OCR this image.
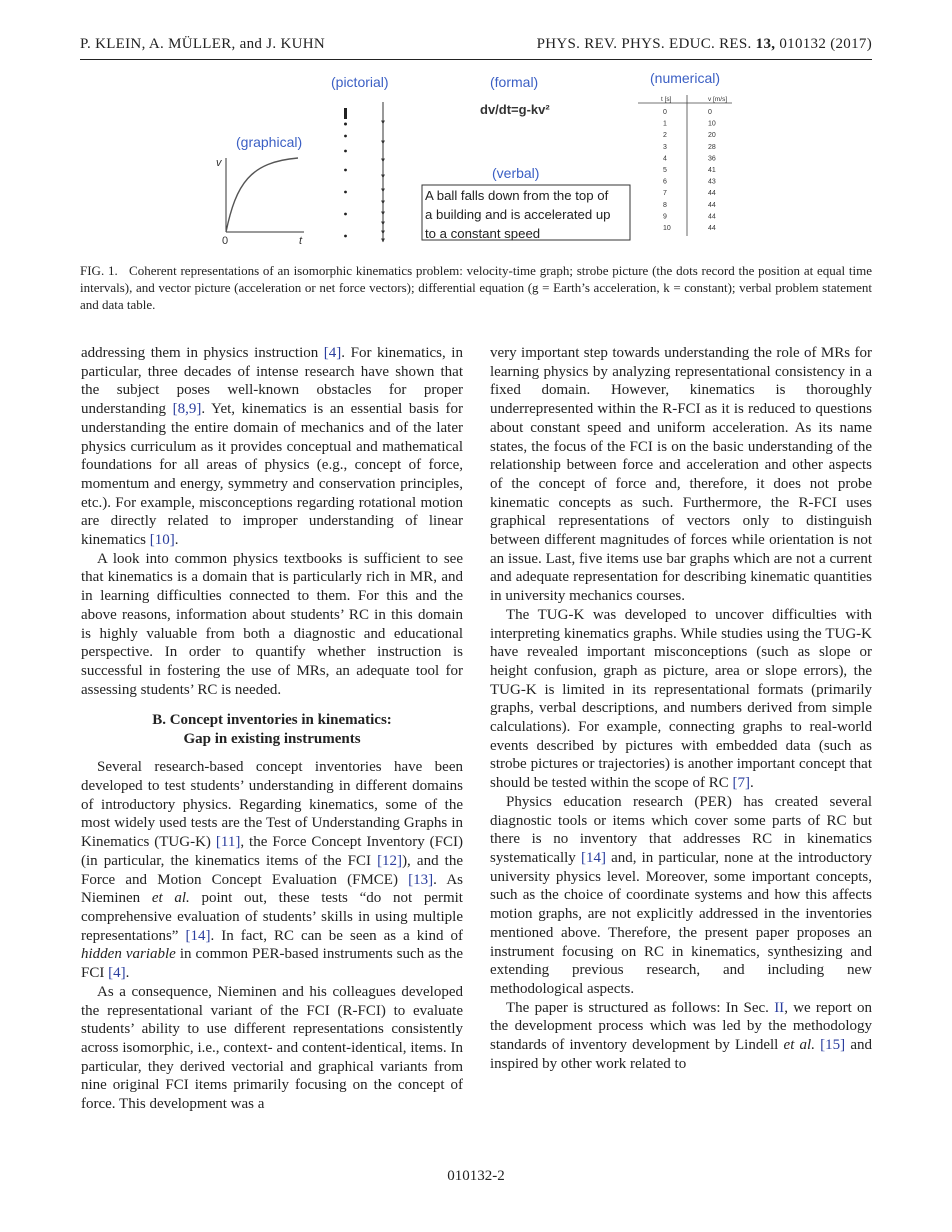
P. KLEIN, A. MÜLLER, and J. KUHN	PHYS. REV. PHYS. EDUC. RES. 13, 010132 (2017)
(pictorial)	(formal)	(numerical)
(graphical)
(verbal)
dv/dt=g-kv²
v
t
0
A ball falls down from the top of
a building and is accelerated up
to a constant speed
t [s]	v [m/s]
0	0
1	10
2	20
3	28
4	36
5	41
6	43
7	44
8	44
9	44
10	44
FIG. 1. Coherent representations of an isomorphic kinematics problem: velocity-time graph; strobe picture (the dots record the position at equal time intervals), and vector picture (acceleration or net force vectors); differential equation (g = Earth’s acceleration, k = constant); verbal problem statement and data table.

addressing them in physics instruction [4]. For kinematics, in particular, three decades of intense research have shown that the subject poses well-known obstacles for proper understanding [8,9]. Yet, kinematics is an essential basis for understanding the entire domain of mechanics and of the later physics curriculum as it provides conceptual and mathematical foundations for all areas of physics (e.g., concept of force, momentum and energy, symmetry and conservation principles, etc.). For example, misconceptions regarding rotational motion are directly related to improper understanding of linear kinematics [10].

A look into common physics textbooks is sufficient to see that kinematics is a domain that is particularly rich in MR, and in learning difficulties connected to them. For this and the above reasons, information about students’ RC in this domain is highly valuable from both a diagnostic and educational perspective. In order to quantify whether instruction is successful in fostering the use of MRs, an adequate tool for assessing students’ RC is needed.

B. Concept inventories in kinematics:
Gap in existing instruments

Several research-based concept inventories have been developed to test students’ understanding in different domains of introductory physics. Regarding kinematics, some of the most widely used tests are the Test of Understanding Graphs in Kinematics (TUG-K) [11], the Force Concept Inventory (FCI) (in particular, the kinematics items of the FCI [12]), and the Force and Motion Concept Evaluation (FMCE) [13]. As Nieminen et al. point out, these tests “do not permit comprehensive evaluation of students’ skills in using multiple representations” [14]. In fact, RC can be seen as a kind of hidden variable in common PER-based instruments such as the FCI [4].

As a consequence, Nieminen and his colleagues developed the representational variant of the FCI (R-FCI) to evaluate students’ ability to use different representations consistently across isomorphic, i.e., context- and content-identical, items. In particular, they derived vectorial and graphical variants from nine original FCI items primarily focusing on the concept of force. This development was a

very important step towards understanding the role of MRs for learning physics by analyzing representational consistency in a fixed domain. However, kinematics is thoroughly underrepresented within the R-FCI as it is reduced to questions about constant speed and uniform acceleration. As its name states, the focus of the FCI is on the basic understanding of the relationship between force and acceleration and other aspects of the concept of force and, therefore, it does not probe kinematic concepts as such. Furthermore, the R-FCI uses graphical representations of vectors only to distinguish between different magnitudes of forces while orientation is not an issue. Last, five items use bar graphs which are not a current and adequate representation for describing kinematic quantities in university mechanics courses.

The TUG-K was developed to uncover difficulties with interpreting kinematics graphs. While studies using the TUG-K have revealed important misconceptions (such as slope or height confusion, graph as picture, area or slope errors), the TUG-K is limited in its representational formats (primarily graphs, verbal descriptions, and numbers derived from simple calculations). For example, connecting graphs to real-world events described by pictures with embedded data (such as strobe pictures or trajectories) is another important concept that should be tested within the scope of RC [7].

Physics education research (PER) has created several diagnostic tools or items which cover some parts of RC but there is no inventory that addresses RC in kinematics systematically [14] and, in particular, none at the introductory university physics level. Moreover, some important concepts, such as the choice of coordinate systems and how this affects motion graphs, are not explicitly addressed in the inventories mentioned above. Therefore, the present paper proposes an instrument focusing on RC in kinematics, synthesizing and extending previous research, and including new methodological aspects.

The paper is structured as follows: In Sec. II, we report on the development process which was led by the methodology standards of inventory development by Lindell et al. [15] and inspired by other work related to

010132-2
